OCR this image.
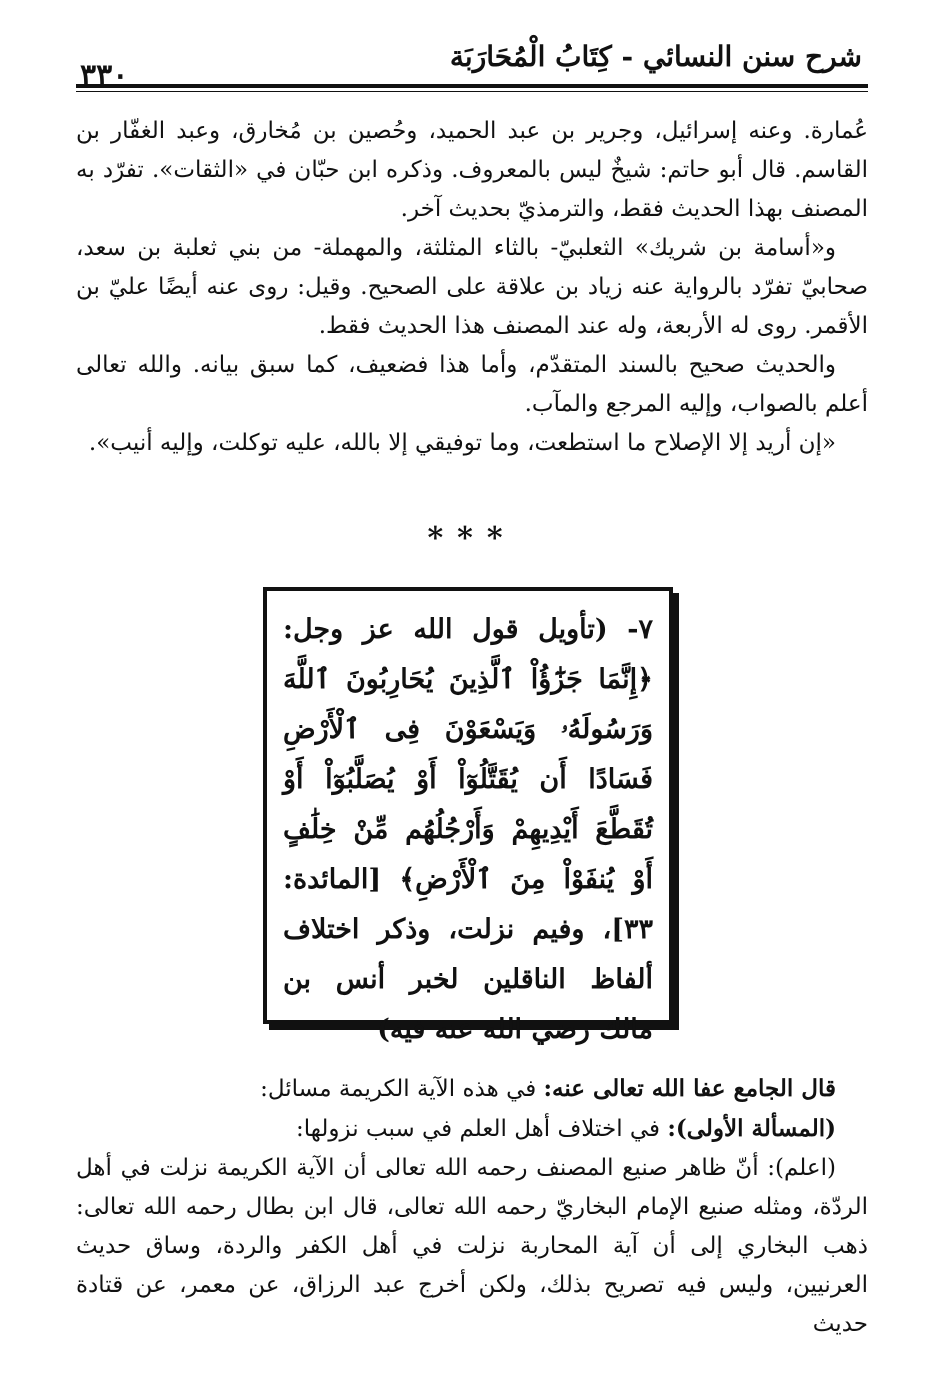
شرح سنن النسائي - كِتَابُ الْمُحَارَبَة
٣٣٠

عُمارة. وعنه إسرائيل، وجرير بن عبد الحميد، وحُصين بن مُخارق، وعبد الغفّار بن القاسم. قال أبو حاتم: شيخٌ ليس بالمعروف. وذكره ابن حبّان في «الثقات». تفرّد به المصنف بهذا الحديث فقط، والترمذيّ بحديث آخر.

و«أسامة بن شريك» الثعلبيّ- بالثاء المثلثة، والمهملة- من بني ثعلبة بن سعد، صحابيّ تفرّد بالرواية عنه زياد بن علاقة على الصحيح. وقيل: روى عنه أيضًا عليّ بن الأقمر. روى له الأربعة، وله عند المصنف هذا الحديث فقط.

والحديث صحيح بالسند المتقدّم، وأما هذا فضعيف، كما سبق بيانه. والله تعالى أعلم بالصواب، وإليه المرجع والمآب.

«إن أريد إلا الإصلاح ما استطعت، وما توفيقي إلا بالله، عليه توكلت، وإليه أنيب».

***
٧- (تأويل قول الله عز وجل: ﴿إِنَّمَا جَزَٰٓؤُاْ ٱلَّذِينَ يُحَارِبُونَ ٱللَّهَ وَرَسُولَهُۥ وَيَسْعَوْنَ فِى ٱلْأَرْضِ فَسَادًا أَن يُقَتَّلُوٓاْ أَوْ يُصَلَّبُوٓاْ أَوْ تُقَطَّعَ أَيْدِيهِمْ وَأَرْجُلُهُم مِّنْ خِلَٰفٍ أَوْ يُنفَوْاْ مِنَ ٱلْأَرْضِ﴾ [المائدة: ٣٣]، وفيم نزلت، وذكر اختلاف ألفاظ الناقلين لخبر أنس بن مالك رضي الله عنه فيه)

قال الجامع عفا الله تعالى عنه: في هذه الآية الكريمة مسائل:

(المسألة الأولى): في اختلاف أهل العلم في سبب نزولها:

(اعلم): أنّ ظاهر صنيع المصنف رحمه الله تعالى أن الآية الكريمة نزلت في أهل الردّة، ومثله صنيع الإمام البخاريّ رحمه الله تعالى، قال ابن بطال رحمه الله تعالى: ذهب البخاري إلى أن آية المحاربة نزلت في أهل الكفر والردة، وساق حديث العرنيين، وليس فيه تصريح بذلك، ولكن أخرج عبد الرزاق، عن معمر، عن قتادة حديث
